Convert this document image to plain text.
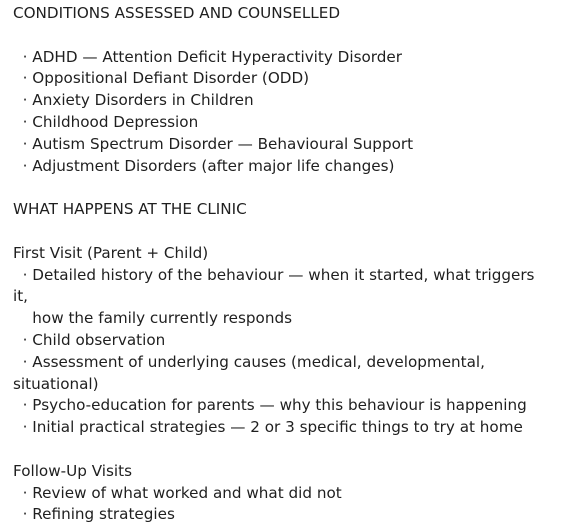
CONDITIONS ASSESSED AND COUNSELLED
· ADHD — Attention Deficit Hyperactivity Disorder
· Oppositional Defiant Disorder (ODD)
· Anxiety Disorders in Children
· Childhood Depression
· Autism Spectrum Disorder — Behavioural Support
· Adjustment Disorders (after major life changes)
WHAT HAPPENS AT THE CLINIC
First Visit (Parent + Child)
· Detailed history of the behaviour — when it started, what triggers
it,
how the family currently responds
· Child observation
· Assessment of underlying causes (medical, developmental,
situational)
· Psycho-education for parents — why this behaviour is happening
· Initial practical strategies — 2 or 3 specific things to try at home
Follow-Up Visits
· Review of what worked and what did not
· Refining strategies
